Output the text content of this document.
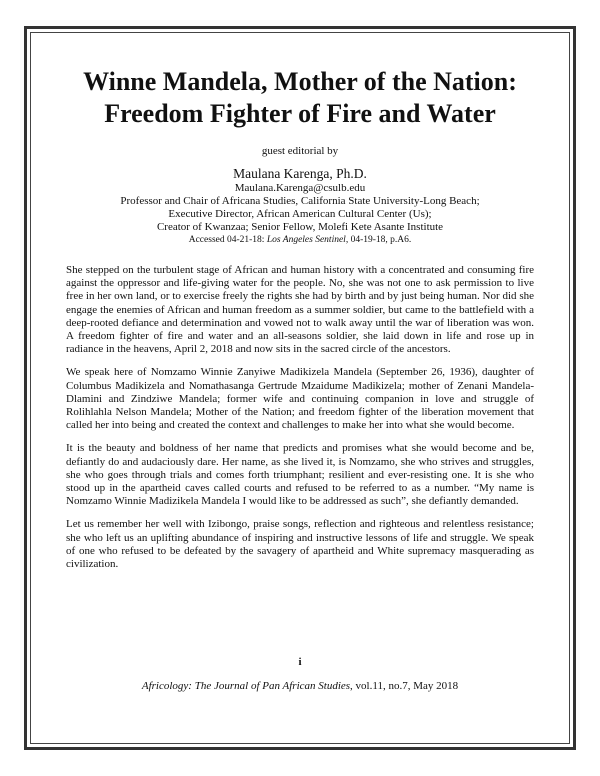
Winne Mandela, Mother of the Nation:
Freedom Fighter of Fire and Water
guest editorial by
Maulana Karenga, Ph.D.
Maulana.Karenga@csulb.edu
Professor and Chair of Africana Studies, California State University-Long Beach;
Executive Director, African American Cultural Center (Us);
Creator of Kwanzaa; Senior Fellow, Molefi Kete Asante Institute
Accessed 04-21-18: Los Angeles Sentinel, 04-19-18, p.A6.

She stepped on the turbulent stage of African and human history with a concentrated and consuming fire against the oppressor and life-giving water for the people. No, she was not one to ask permission to live free in her own land, or to exercise freely the rights she had by birth and by just being human. Nor did she engage the enemies of African and human freedom as a summer soldier, but came to the battlefield with a deep-rooted defiance and determination and vowed not to walk away until the war of liberation was won. A freedom fighter of fire and water and an all-seasons soldier, she laid down in life and rose up in radiance in the heavens, April 2, 2018 and now sits in the sacred circle of the ancestors.

We speak here of Nomzamo Winnie Zanyiwe Madikizela Mandela (September 26, 1936), daughter of Columbus Madikizela and Nomathasanga Gertrude Mzaidume Madikizela; mother of Zenani Mandela-Dlamini and Zindziwe Mandela; former wife and continuing companion in love and struggle of Rolihlahla Nelson Mandela; Mother of the Nation; and freedom fighter of the liberation movement that called her into being and created the context and challenges to make her into what she would become.

It is the beauty and boldness of her name that predicts and promises what she would become and be, defiantly do and audaciously dare. Her name, as she lived it, is Nomzamo, she who strives and struggles, she who goes through trials and comes forth triumphant; resilient and ever-resisting one. It is she who stood up in the apartheid caves called courts and refused to be referred to as a number. “My name is Nomzamo Winnie Madizikela Mandela I would like to be addressed as such”, she defiantly demanded.

Let us remember her well with Izibongo, praise songs, reflection and righteous and relentless resistance; she who left us an uplifting abundance of inspiring and instructive lessons of life and struggle. We speak of one who refused to be defeated by the savagery of apartheid and White supremacy masquerading as civilization.

i
Africology: The Journal of Pan African Studies, vol.11, no.7, May 2018
